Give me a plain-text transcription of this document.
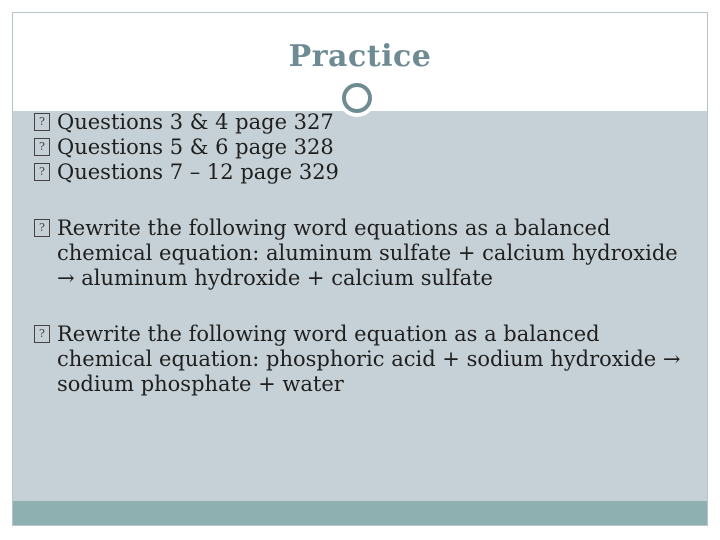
Practice
? Questions 3 & 4 page 327
? Questions 5 & 6 page 328
? Questions 7 – 12 page 329
? Rewrite the following word equations as a balanced chemical equation: aluminum sulfate + calcium hydroxide → aluminum hydroxide + calcium sulfate
? Rewrite the following word equation as a balanced chemical equation: phosphoric acid + sodium hydroxide → sodium phosphate + water
